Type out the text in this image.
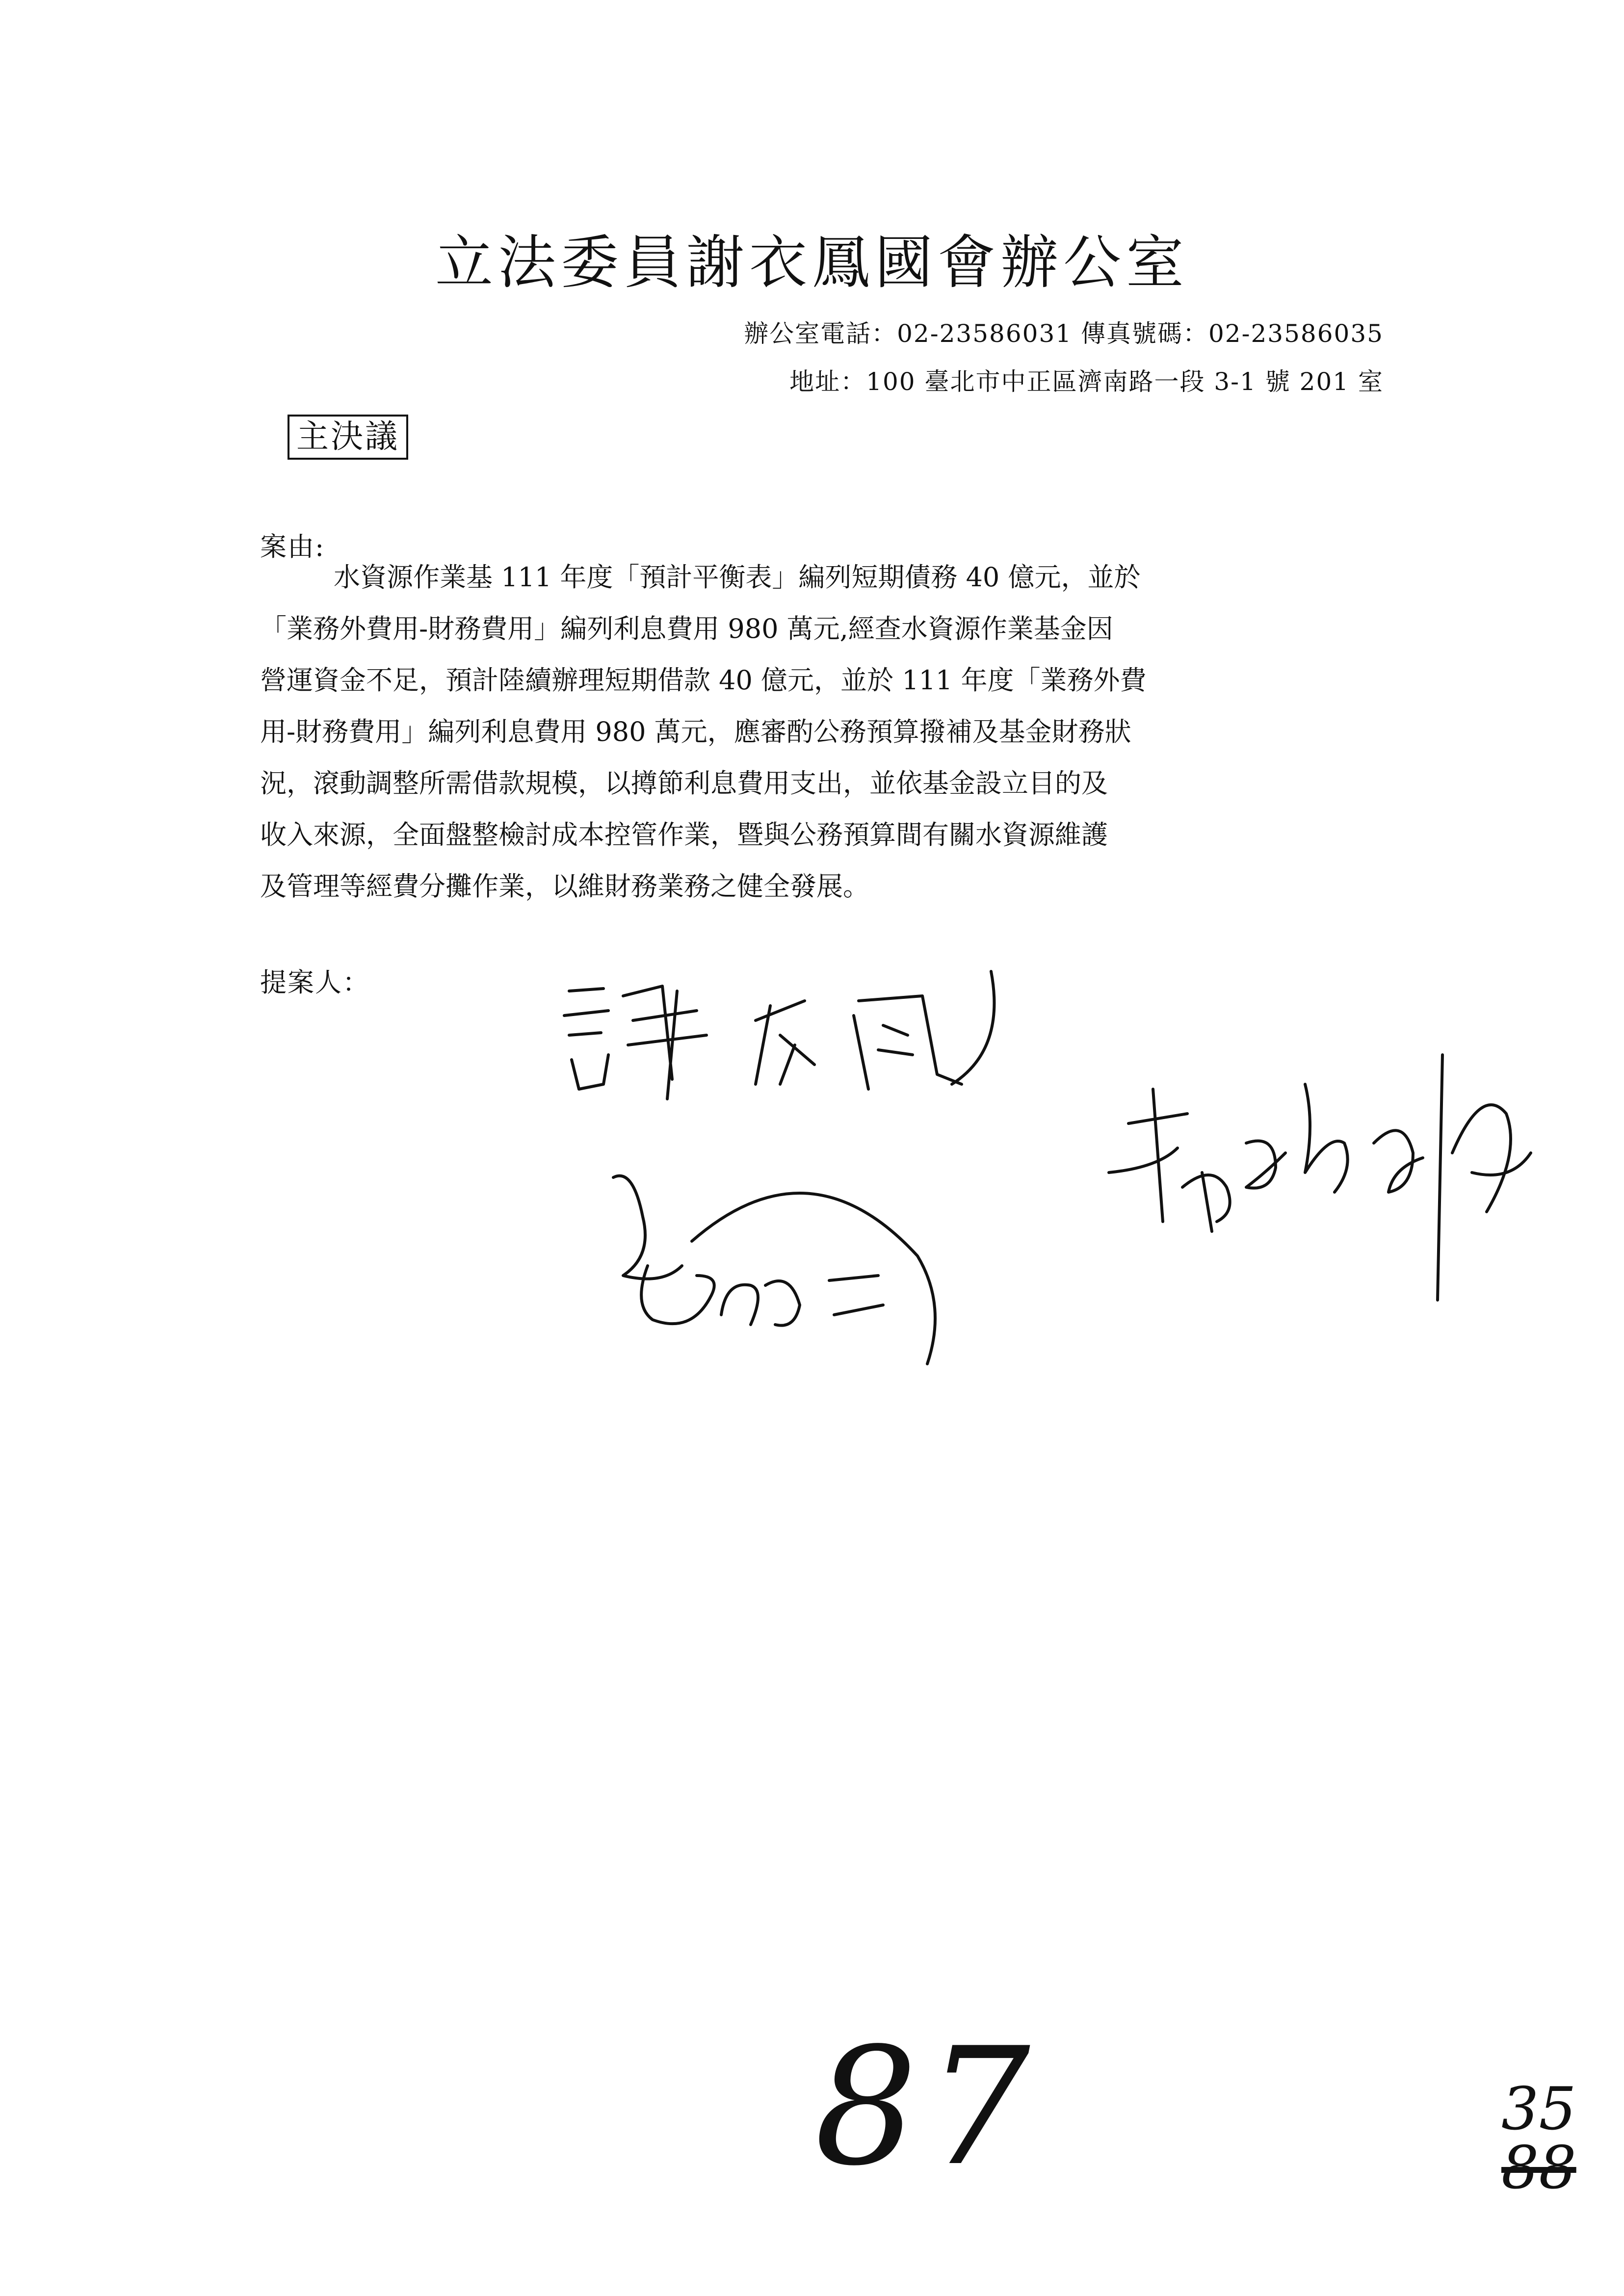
立法委員謝衣鳳國會辦公室
辦公室電話：02-23586031 傳真號碼：02-23586035
地址：100 臺北市中正區濟南路一段 3-1 號 201 室
主決議
案由:
水資源作業基 111 年度「預計平衡表」編列短期債務 40 億元，並於
「業務外費用-財務費用」編列利息費用 980 萬元,經查水資源作業基金因
營運資金不足，預計陸續辦理短期借款 40 億元，並於 111 年度「業務外費
用-財務費用」編列利息費用 980 萬元，應審酌公務預算撥補及基金財務狀
況，滾動調整所需借款規模，以撙節利息費用支出，並依基金設立目的及
收入來源，全面盤整檢討成本控管作業，暨與公務預算間有關水資源維護
及管理等經費分攤作業，以維財務業務之健全發展。
提案人：
87	35
88
